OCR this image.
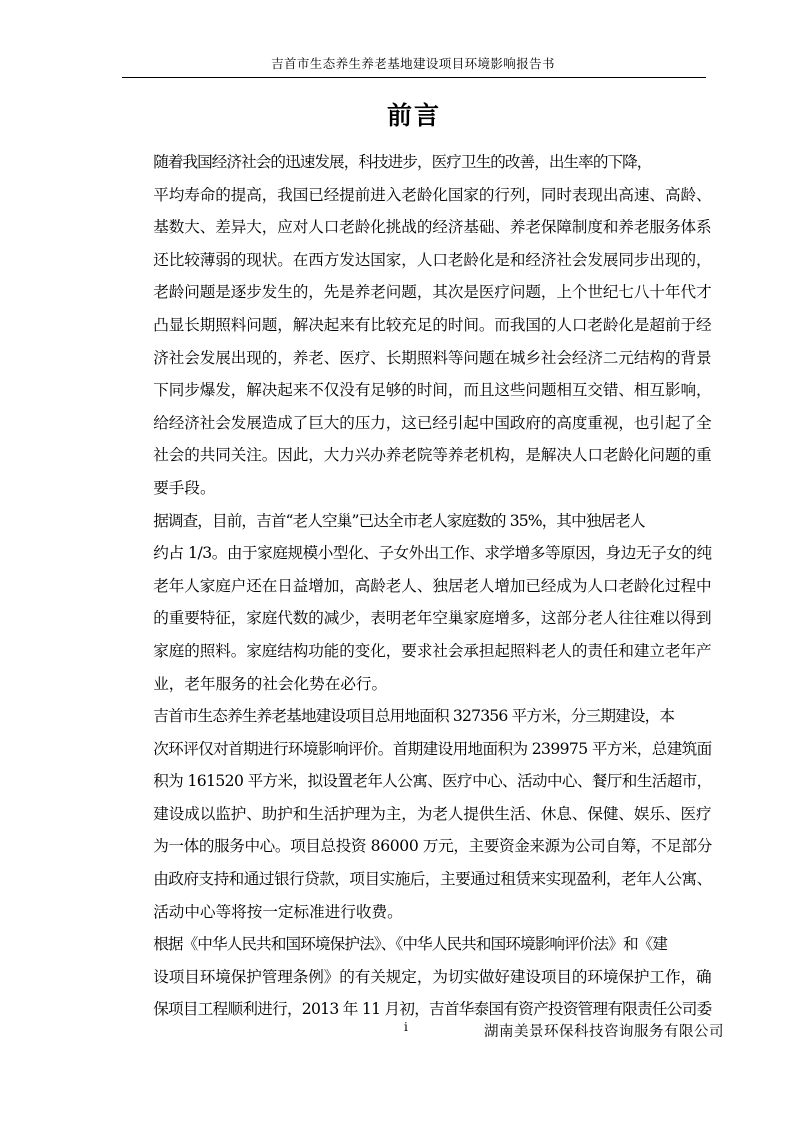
吉首市生态养生养老基地建设项目环境影响报告书
前言

随着我国经济社会的迅速发展，科技进步，医疗卫生的改善，出生率的下降，
平均寿命的提高，我国已经提前进入老龄化国家的行列，同时表现出高速、高龄、
基数大、差异大，应对人口老龄化挑战的经济基础、养老保障制度和养老服务体系
还比较薄弱的现状。在西方发达国家，人口老龄化是和经济社会发展同步出现的，
老龄问题是逐步发生的，先是养老问题，其次是医疗问题，上个世纪七八十年代才
凸显长期照料问题，解决起来有比较充足的时间。而我国的人口老龄化是超前于经
济社会发展出现的，养老、医疗、长期照料等问题在城乡社会经济二元结构的背景
下同步爆发，解决起来不仅没有足够的时间，而且这些问题相互交错、相互影响，
给经济社会发展造成了巨大的压力，这已经引起中国政府的高度重视，也引起了全
社会的共同关注。因此，大力兴办养老院等养老机构，是解决人口老龄化问题的重
要手段。

据调查，目前，吉首“老人空巢”已达全市老人家庭数的 35%，其中独居老人
约占 1/3。由于家庭规模小型化、子女外出工作、求学增多等原因，身边无子女的纯
老年人家庭户还在日益增加，高龄老人、独居老人增加已经成为人口老龄化过程中
的重要特征，家庭代数的减少，表明老年空巢家庭增多，这部分老人往往难以得到
家庭的照料。家庭结构功能的变化，要求社会承担起照料老人的责任和建立老年产
业，老年服务的社会化势在必行。

吉首市生态养生养老基地建设项目总用地面积 327356 平方米，分三期建设，本
次环评仅对首期进行环境影响评价。首期建设用地面积为 239975 平方米，总建筑面
积为 161520 平方米，拟设置老年人公寓、医疗中心、活动中心、餐厅和生活超市，
建设成以监护、助护和生活护理为主，为老人提供生活、休息、保健、娱乐、医疗
为一体的服务中心。项目总投资 86000 万元，主要资金来源为公司自筹，不足部分
由政府支持和通过银行贷款，项目实施后，主要通过租赁来实现盈利，老年人公寓、
活动中心等将按一定标准进行收费。

根据《中华人民共和国环境保护法》、《中华人民共和国环境影响评价法》和《建
设项目环境保护管理条例》的有关规定，为切实做好建设项目的环境保护工作，确
保项目工程顺利进行，2013 年 11 月初，吉首华泰国有资产投资管理有限责任公司委

i	湖南美景环保科技咨询服务有限公司
